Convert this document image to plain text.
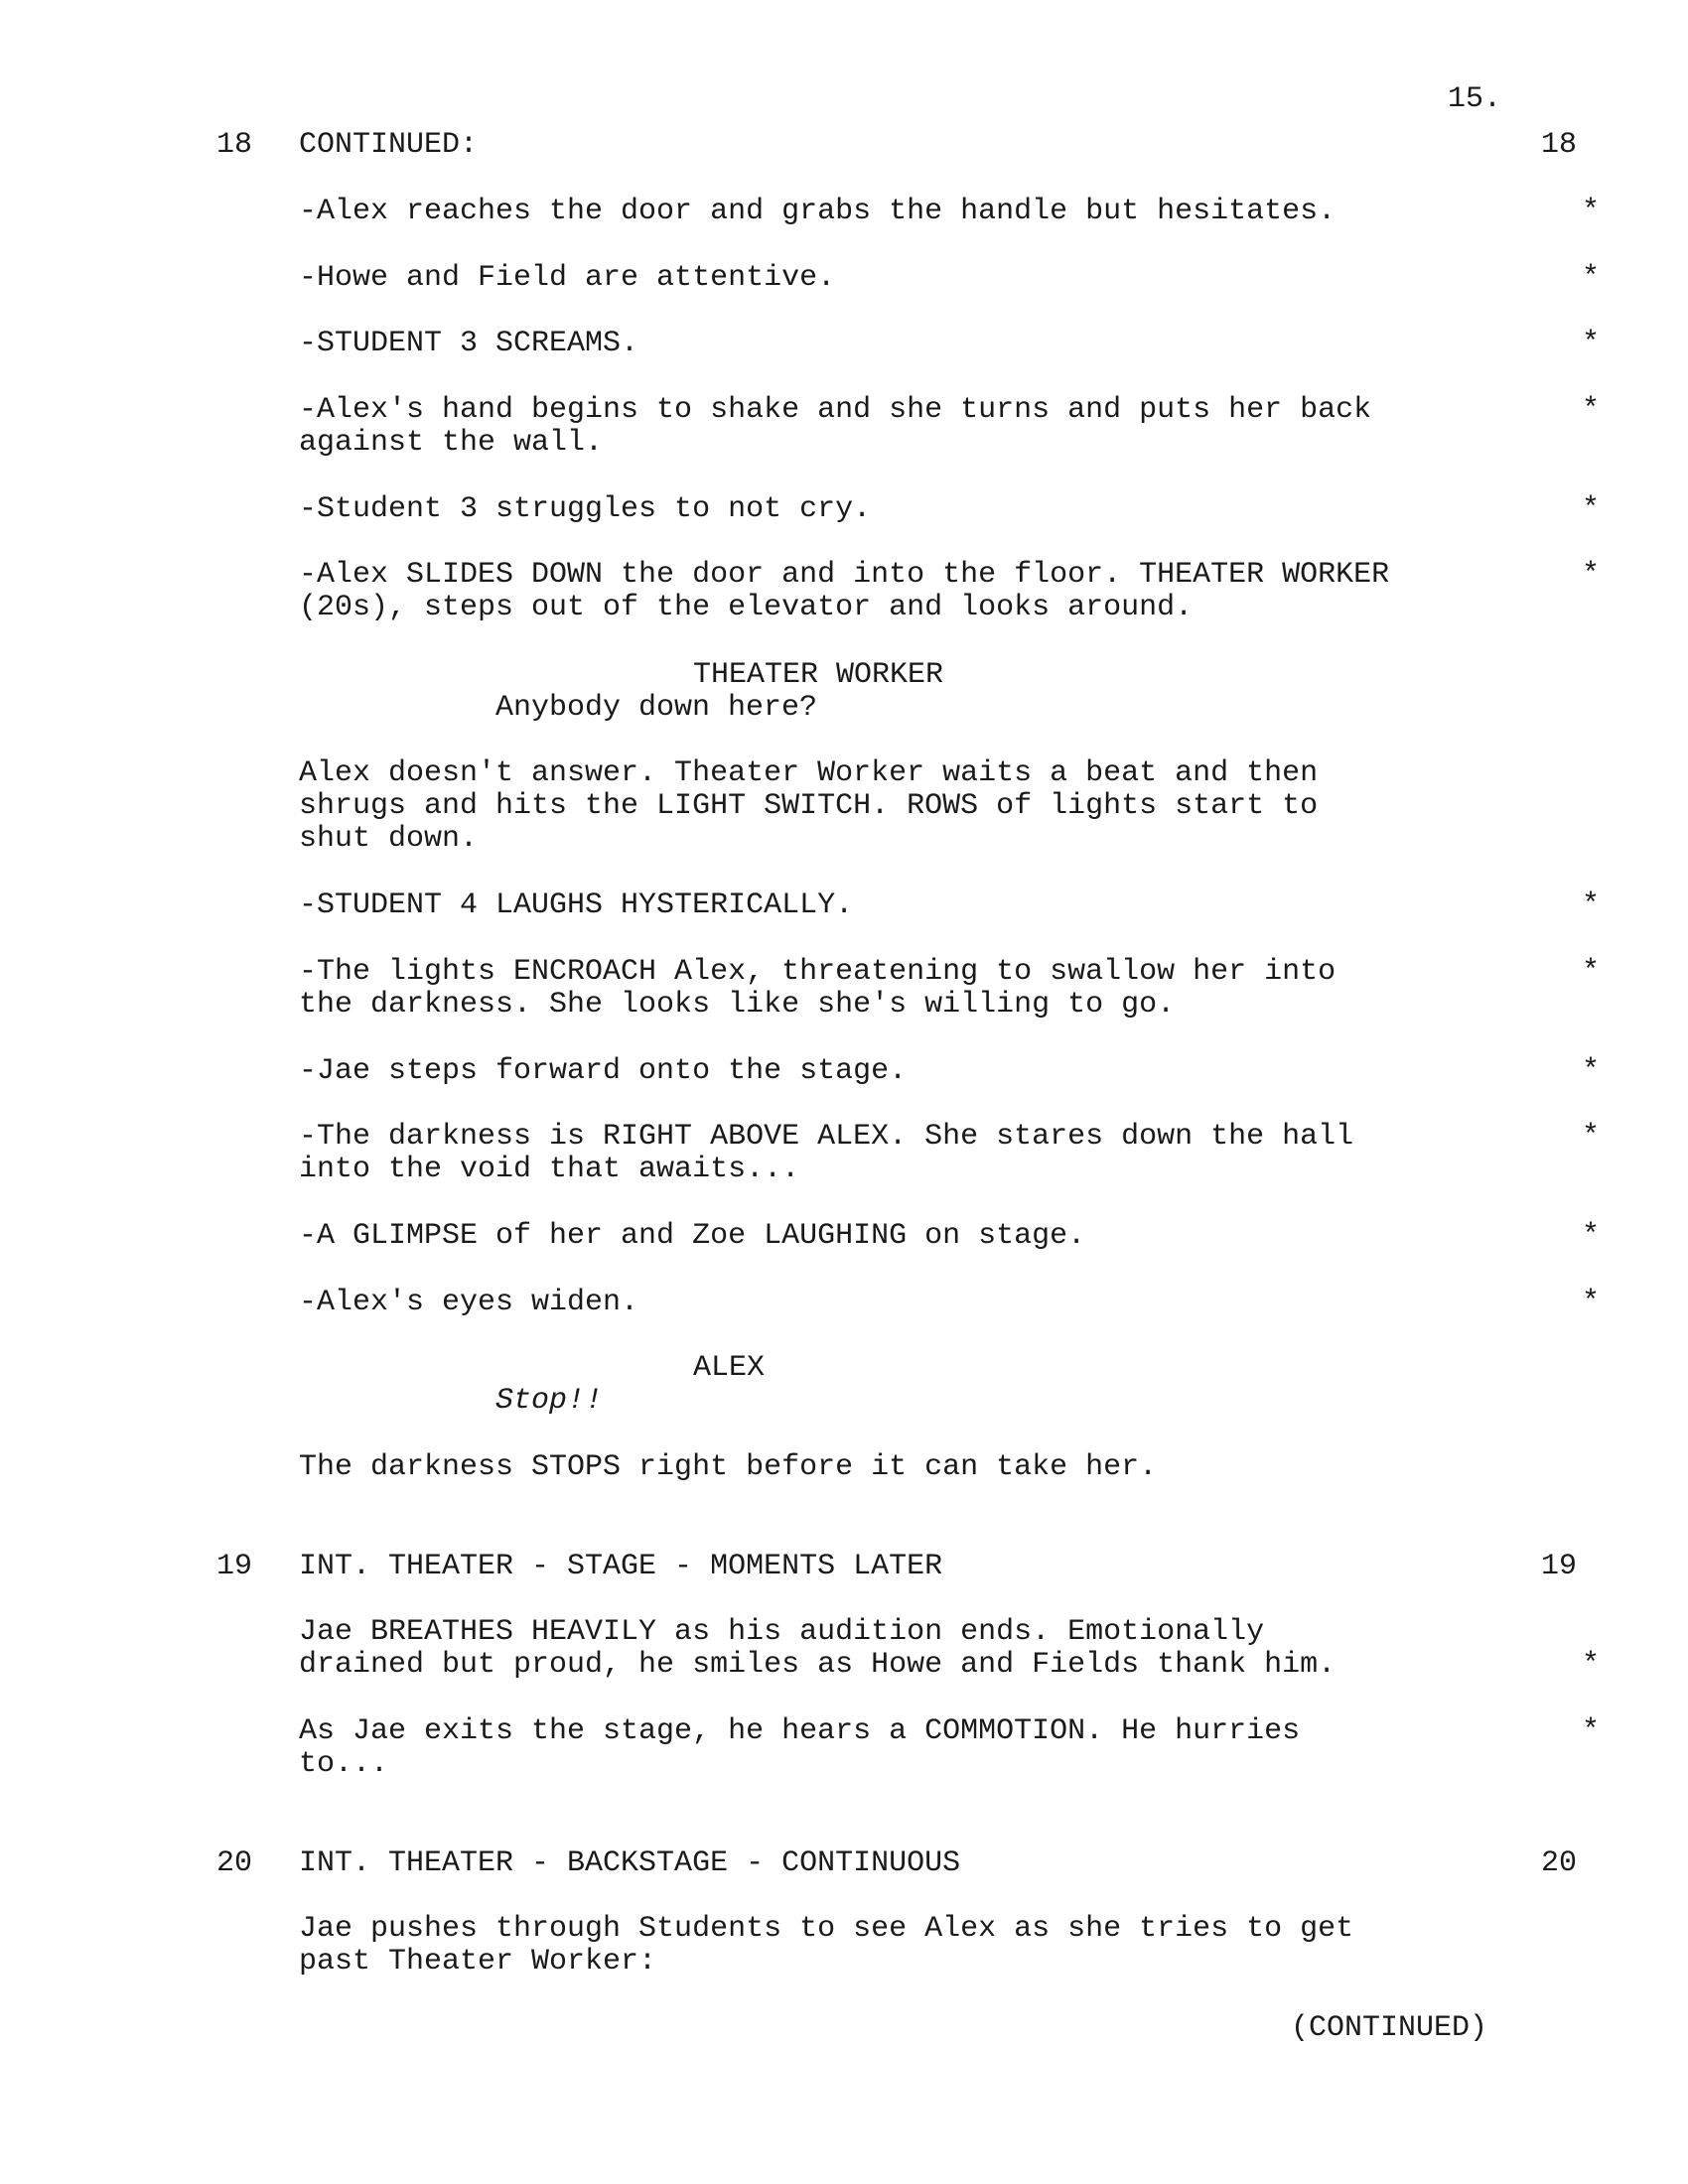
15.
18 CONTINUED:	18
-Alex reaches the door and grabs the handle but hesitates.	*
-Howe and Field are attentive.	*
-STUDENT 3 SCREAMS.	*
-Alex's hand begins to shake and she turns and puts her back
against the wall.
*
-Student 3 struggles to not cry.	*
-Alex SLIDES DOWN the door and into the floor. THEATER WORKER
(20s), steps out of the elevator and looks around.
*
THEATER WORKER
Anybody down here?
Alex doesn't answer. Theater Worker waits a beat and then
shrugs and hits the LIGHT SWITCH. ROWS of lights start to
shut down.
-STUDENT 4 LAUGHS HYSTERICALLY.	*
-The lights ENCROACH Alex, threatening to swallow her into
the darkness. She looks like she's willing to go.
*
-Jae steps forward onto the stage.	*
-The darkness is RIGHT ABOVE ALEX. She stares down the hall
into the void that awaits...
*
-A GLIMPSE of her and Zoe LAUGHING on stage.	*
-Alex's eyes widen.	*
ALEX
Stop!!
The darkness STOPS right before it can take her.
19 INT. THEATER - STAGE - MOMENTS LATER	19
Jae BREATHES HEAVILY as his audition ends. Emotionally
drained but proud, he smiles as Howe and Fields thank him.	*
As Jae exits the stage, he hears a COMMOTION. He hurries
to...
*
20 INT. THEATER - BACKSTAGE - CONTINUOUS	20
Jae pushes through Students to see Alex as she tries to get
past Theater Worker:
(CONTINUED)
